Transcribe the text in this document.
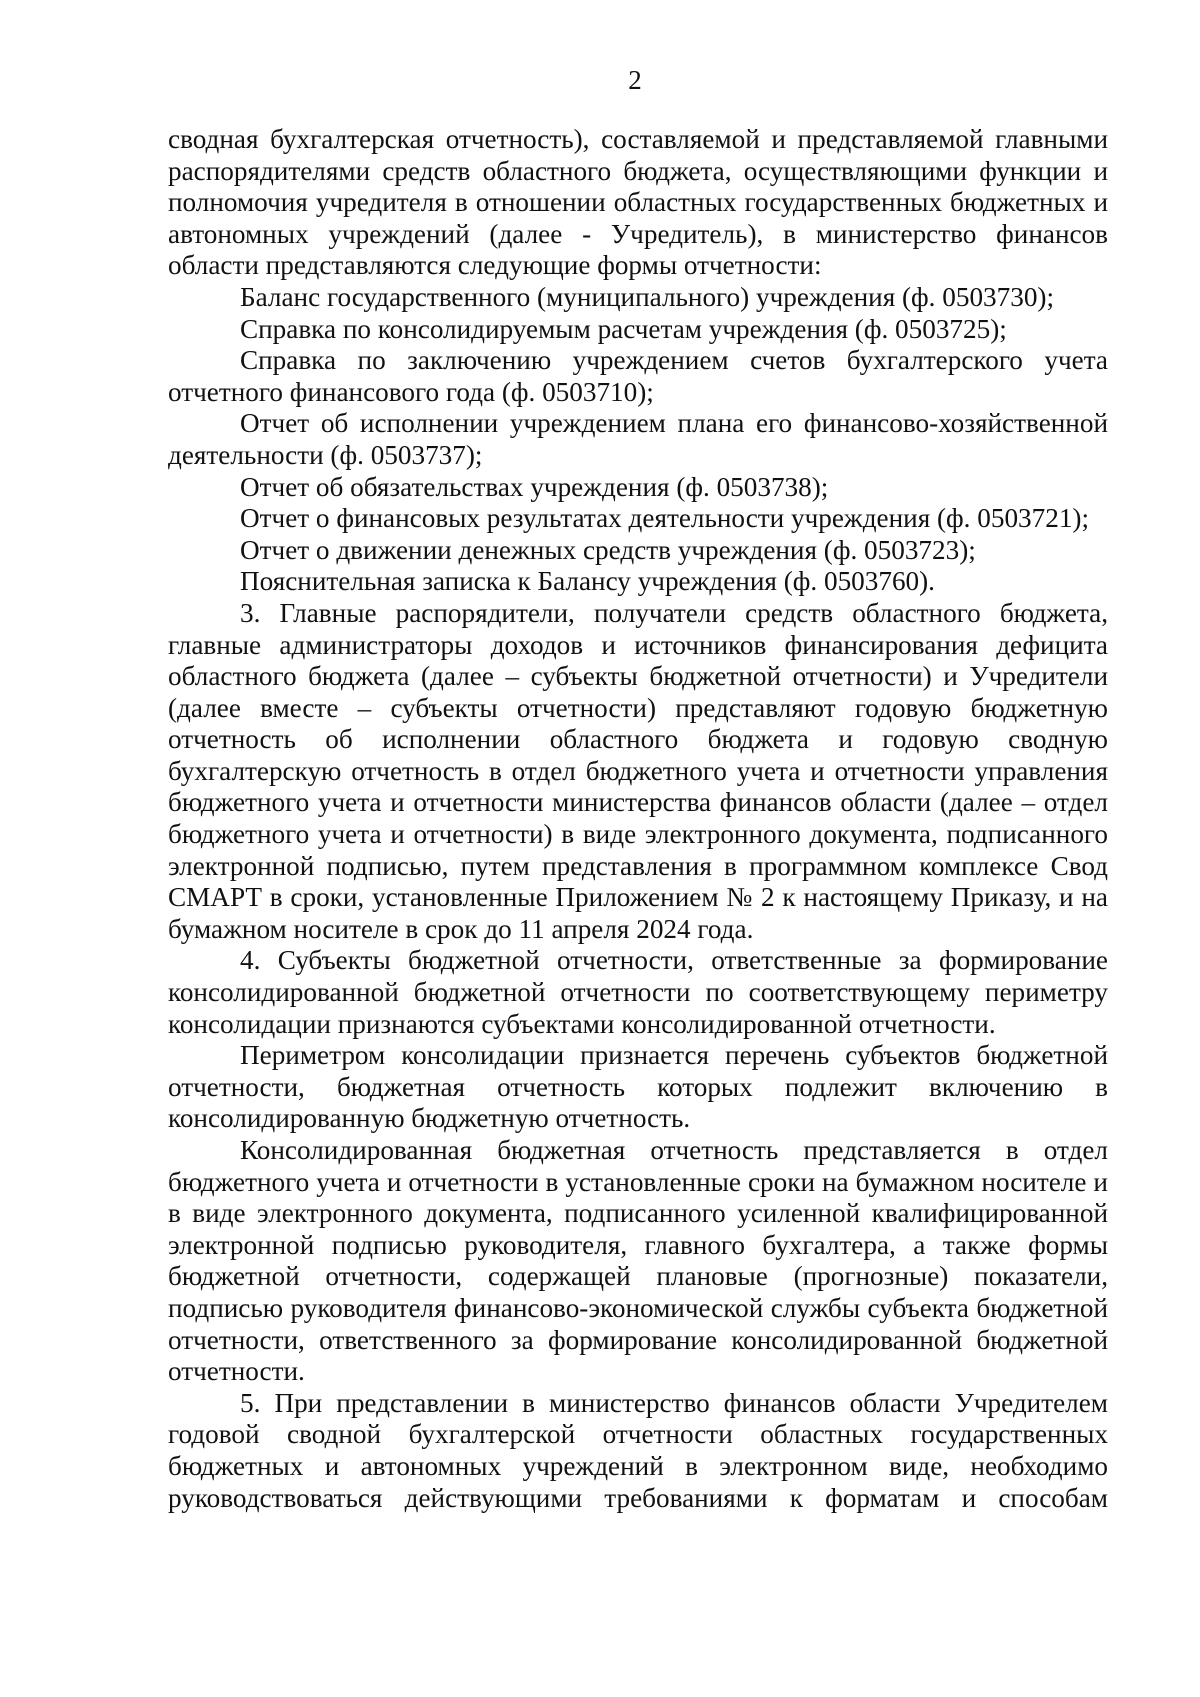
2

сводная бухгалтерская отчетность), составляемой и представляемой главными распорядителями средств областного бюджета, осуществляющими функции и полномочия учредителя в отношении областных государственных бюджетных и автономных учреждений (далее - Учредитель), в министерство финансов области представляются следующие формы отчетности:

Баланс государственного (муниципального) учреждения (ф. 0503730);

Справка по консолидируемым расчетам учреждения (ф. 0503725);

Справка по заключению учреждением счетов бухгалтерского учета отчетного финансового года (ф. 0503710);

Отчет об исполнении учреждением плана его финансово-хозяйственной деятельности (ф. 0503737);

Отчет об обязательствах учреждения (ф. 0503738);

Отчет о финансовых результатах деятельности учреждения (ф. 0503721);

Отчет о движении денежных средств учреждения (ф. 0503723);

Пояснительная записка к Балансу учреждения (ф. 0503760).

3. Главные распорядители, получатели средств областного бюджета, главные администраторы доходов и источников финансирования дефицита областного бюджета (далее – субъекты бюджетной отчетности) и Учредители (далее вместе – субъекты отчетности) представляют годовую бюджетную отчетность об исполнении областного бюджета и годовую сводную бухгалтерскую отчетность в отдел бюджетного учета и отчетности управления бюджетного учета и отчетности министерства финансов области (далее – отдел бюджетного учета и отчетности) в виде электронного документа, подписанного электронной подписью, путем представления в программном комплексе Свод СМАРТ в сроки, установленные Приложением № 2 к настоящему Приказу, и на бумажном носителе в срок до 11 апреля 2024 года.

4. Субъекты бюджетной отчетности, ответственные за формирование консолидированной бюджетной отчетности по соответствующему периметру консолидации признаются субъектами консолидированной отчетности.

Периметром консолидации признается перечень субъектов бюджетной отчетности, бюджетная отчетность которых подлежит включению в консолидированную бюджетную отчетность.

Консолидированная бюджетная отчетность представляется в отдел бюджетного учета и отчетности в установленные сроки на бумажном носителе и в виде электронного документа, подписанного усиленной квалифицированной электронной подписью руководителя, главного бухгалтера, а также формы бюджетной отчетности, содержащей плановые (прогнозные) показатели, подписью руководителя финансово-экономической службы субъекта бюджетной отчетности, ответственного за формирование консолидированной бюджетной отчетности.

5. При представлении в министерство финансов области Учредителем годовой сводной бухгалтерской отчетности областных государственных бюджетных и автономных учреждений в электронном виде, необходимо руководствоваться действующими требованиями к форматам и способам
